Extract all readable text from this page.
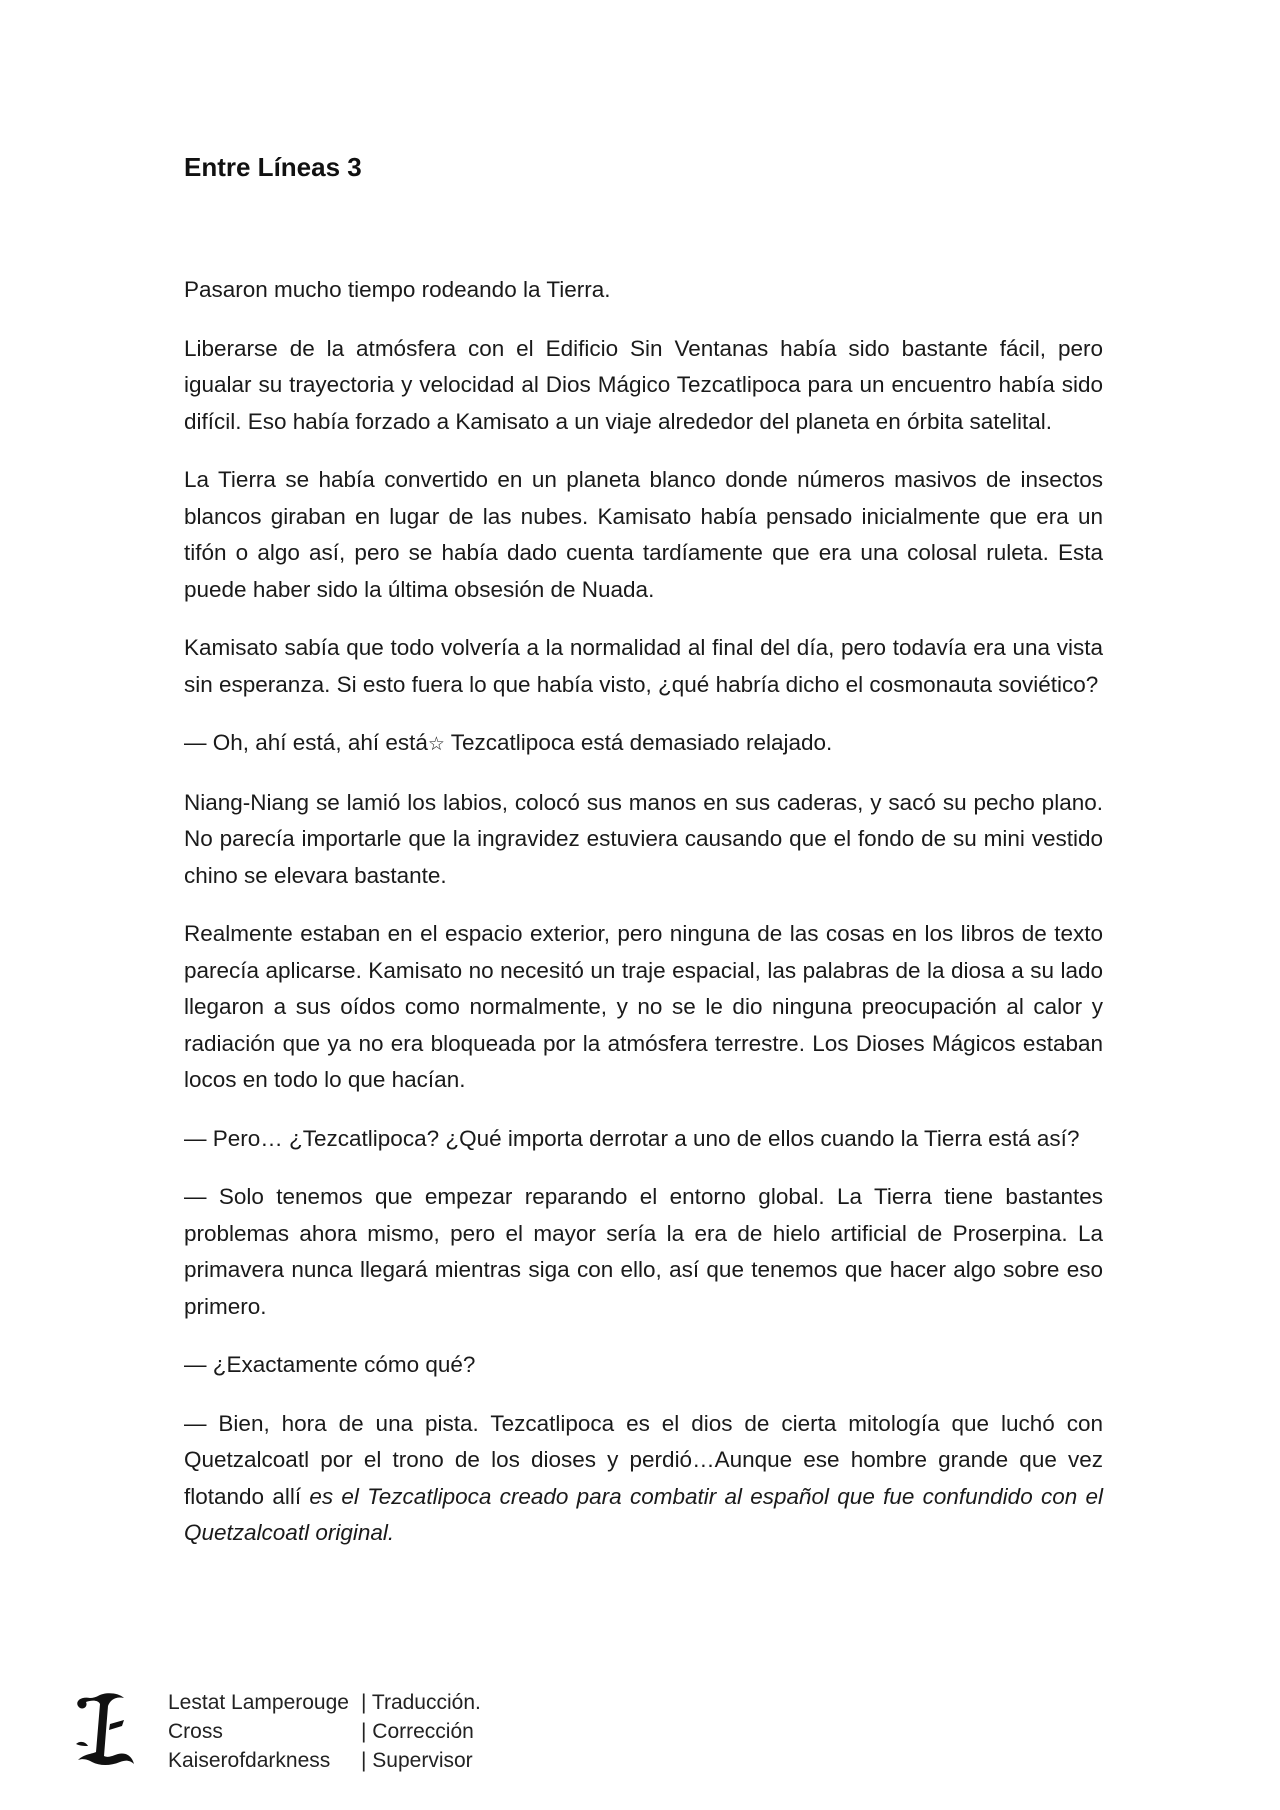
Entre Líneas 3

Pasaron mucho tiempo rodeando la Tierra.

Liberarse de la atmósfera con el Edificio Sin Ventanas había sido bastante fácil, pero igualar su trayectoria y velocidad al Dios Mágico Tezcatlipoca para un encuentro había sido difícil. Eso había forzado a Kamisato a un viaje alrededor del planeta en órbita satelital.

La Tierra se había convertido en un planeta blanco donde números masivos de insectos blancos giraban en lugar de las nubes. Kamisato había pensado inicialmente que era un tifón o algo así, pero se había dado cuenta tardíamente que era una colosal ruleta. Esta puede haber sido la última obsesión de Nuada.

Kamisato sabía que todo volvería a la normalidad al final del día, pero todavía era una vista sin esperanza. Si esto fuera lo que había visto, ¿qué habría dicho el cosmonauta soviético?

— Oh, ahí está, ahí está☆ Tezcatlipoca está demasiado relajado.

Niang-Niang se lamió los labios, colocó sus manos en sus caderas, y sacó su pecho plano. No parecía importarle que la ingravidez estuviera causando que el fondo de su mini vestido chino se elevara bastante.

Realmente estaban en el espacio exterior, pero ninguna de las cosas en los libros de texto parecía aplicarse. Kamisato no necesitó un traje espacial, las palabras de la diosa a su lado llegaron a sus oídos como normalmente, y no se le dio ninguna preocupación al calor y radiación que ya no era bloqueada por la atmósfera terrestre. Los Dioses Mágicos estaban locos en todo lo que hacían.

— Pero… ¿Tezcatlipoca? ¿Qué importa derrotar a uno de ellos cuando la Tierra está así?

— Solo tenemos que empezar reparando el entorno global. La Tierra tiene bastantes problemas ahora mismo, pero el mayor sería la era de hielo artificial de Proserpina. La primavera nunca llegará mientras siga con ello, así que tenemos que hacer algo sobre eso primero.

— ¿Exactamente cómo qué?

— Bien, hora de una pista. Tezcatlipoca es el dios de cierta mitología que luchó con Quetzalcoatl por el trono de los dioses y perdió…Aunque ese hombre grande que vez flotando allí es el Tezcatlipoca creado para combatir al español que fue confundido con el Quetzalcoatl original.

Lestat Lamperouge	| Traducción.
Cross	| Corrección
Kaiserofdarkness	| Supervisor
